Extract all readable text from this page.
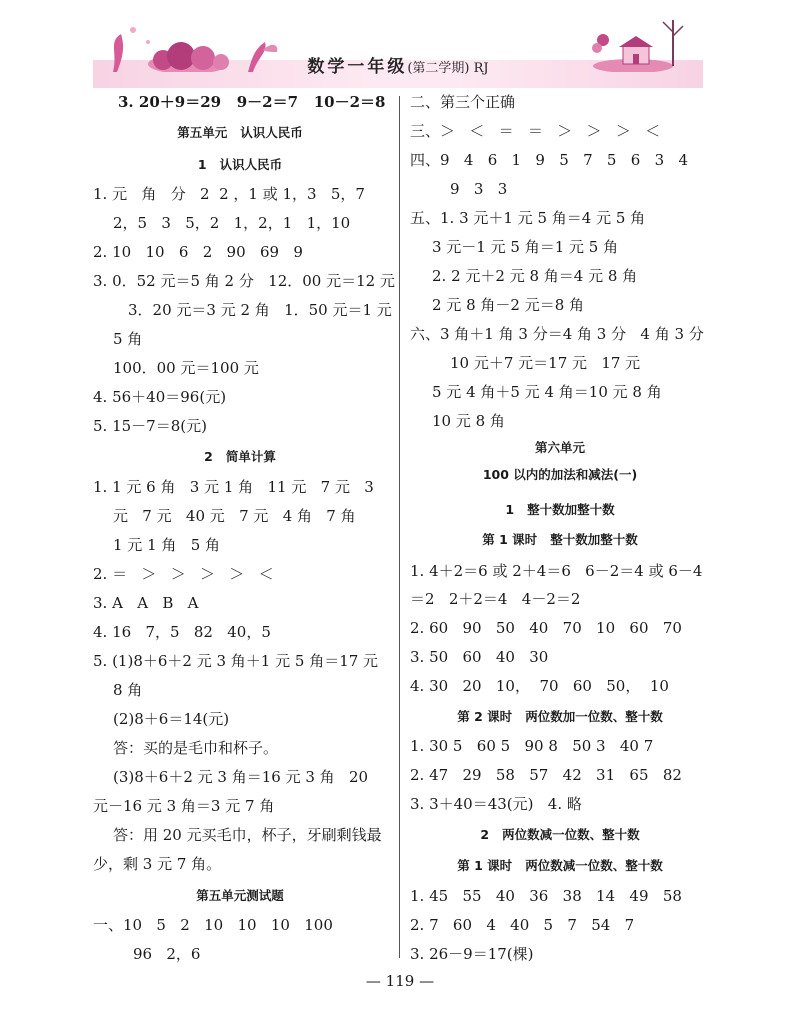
数学一年级(第二学期) RJ
3. 20＋9＝29   9－2＝7   10－2＝8
第五单元   认识人民币
1   认识人民币
1. 元   角   分   2  2 ，1 或 1，3   5，7
2，5   3   5，2   1，2，1   1，10
2. 10   10   6   2   90   69   9
3. 0．52 元＝5 角 2 分   12．00 元＝12 元
3．20 元＝3 元 2 角   1．50 元＝1 元
5 角
100．00 元＝100 元
4. 56＋40＝96(元)
5. 15－7＝8(元)
2   简单计算
1. 1 元 6 角   3 元 1 角   11 元   7 元   3
元   7 元   40 元   7 元   4 角   7 角
1 元 1 角   5 角
2. ＝   ＞   ＞   ＞   ＞   ＜
3. A   A   B   A
4. 16   7，5   82   40，5
5. (1)8＋6＋2 元 3 角＋1 元 5 角＝17 元
8 角
(2)8＋6＝14(元)
答：买的是毛巾和杯子。
(3)8＋6＋2 元 3 角＝16 元 3 角   20
元－16 元 3 角＝3 元 7 角
答：用 20 元买毛巾，杯子，牙刷剩钱最
少，剩 3 元 7 角。
第五单元测试题
一、10   5   2   10   10   10   100
96   2，6
二、第三个正确
三、＞   ＜   ＝   ＝   ＞   ＞   ＞   ＜
四、9   4   6   1   9   5   7   5   6   3   4
9   3   3
五、1. 3 元＋1 元 5 角＝4 元 5 角
3 元－1 元 5 角＝1 元 5 角
2. 2 元＋2 元 8 角＝4 元 8 角
2 元 8 角－2 元＝8 角
六、3 角＋1 角 3 分＝4 角 3 分   4 角 3 分
10 元＋7 元＝17 元   17 元
5 元 4 角＋5 元 4 角＝10 元 8 角
10 元 8 角
第六单元
100 以内的加法和减法(一)
1   整十数加整十数
第 1 课时   整十数加整十数
1. 4＋2＝6 或 2＋4＝6   6－2＝4 或 6－4
＝2   2＋2＝4   4－2＝2
2. 60   90   50   40   70   10   60   70
3. 50   60   40   30
4. 30   20   10，  70   60   50，  10
第 2 课时   两位数加一位数、整十数
1. 30 5   60 5   90 8   50 3   40 7
2. 47   29   58   57   42   31   65   82
3. 3＋40＝43(元)   4. 略
2   两位数减一位数、整十数
第 1 课时   两位数减一位数、整十数
1. 45   55   40   36   38   14   49   58
2. 7   60   4   40   5   7   54   7
3. 26－9＝17(棵)
— 119 —
